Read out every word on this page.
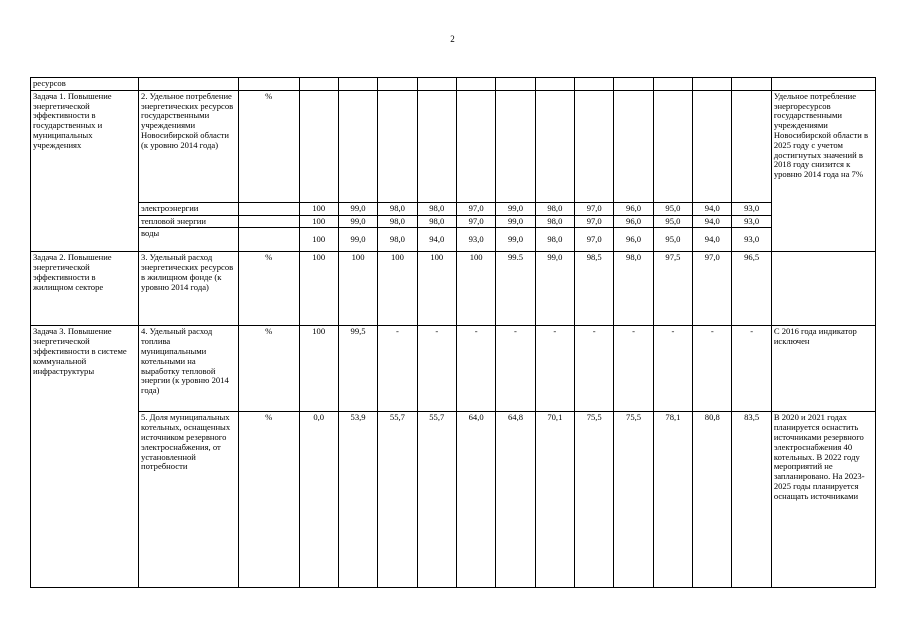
2
ресурсов															
Задача 1. Повышение энергетической эффективности в государственных и муниципальных учреждениях	2. Удельное потребление энергетических ресурсов государственными учреждениями Новосибирской области (к уровню 2014 года)	%													Удельное потребление энергоресурсов государственными учреждениями Новосибирской области в 2025 году с учетом достигнутых значений в 2018 году снизится к уровню 2014 года на 7%
	электроэнергии		100	99,0	98,0	98,0	97,0	99,0	98,0	97,0	96,0	95,0	94,0	93,0	
	тепловой энергии		100	99,0	98,0	98,0	97,0	99,0	98,0	97,0	96,0	95,0	94,0	93,0	
	воды		100	99,0	98,0	94,0	93,0	99,0	98,0	97,0	96,0	95,0	94,0	93,0	
Задача 2. Повышение энергетической эффективности в жилищном секторе	3. Удельный расход энергетических ресурсов в жилищном фонде (к уровню 2014 года)	%	100	100	100	100	100	99.5	99,0	98,5	98,0	97,5	97,0	96,5	
Задача 3. Повышение энергетической эффективности в системе коммунальной инфраструктуры	4. Удельный расход топлива муниципальными котельными на выработку тепловой энергии (к уровню 2014 года)	%	100	99,5	-	-	-	-	-	-	-	-	-	-	С 2016 года индикатор исключен
	5. Доля муниципальных котельных, оснащенных источником резервного электроснабжения, от установленной потребности	%	0,0	53,9	55,7	55,7	64,0	64,8	70,1	75,5	75,5	78,1	80,8	83,5	В 2020 и 2021 годах планируется оснастить источниками резервного электроснабжения 40 котельных. В 2022 году мероприятий не запланировано. На 2023-2025 годы планируется оснащать источниками
